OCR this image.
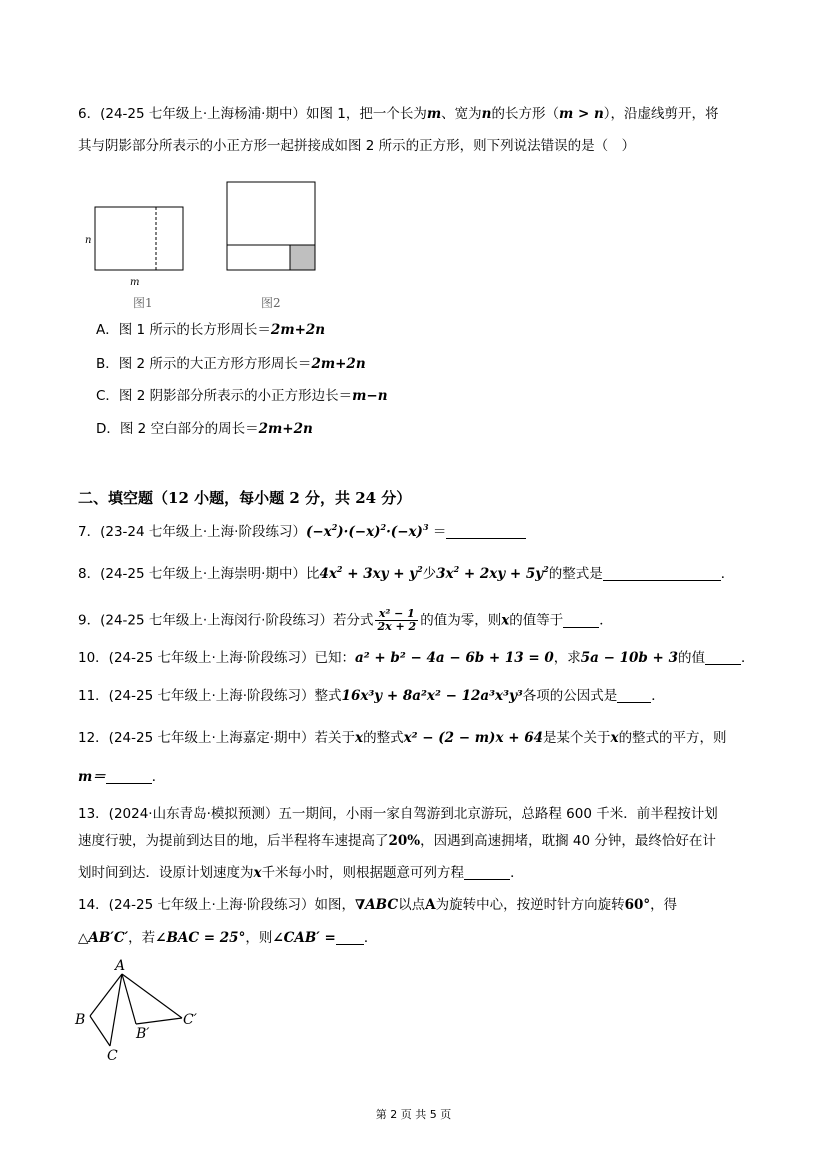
6．(24-25 七年级上·上海杨浦·期中）如图 1，把一个长为m、宽为n的长方形（m > n），沿虚线剪开，将
其与阴影部分所表示的小正方形一起拼接成如图 2 所示的正方形，则下列说法错误的是（　）
n
m
图1	图2
A．图 1 所示的长方形周长＝2m+2n
B．图 2 所示的大正方形方形周长＝2m+2n
C．图 2 阴影部分所表示的小正方形边长＝m−n
D．图 2 空白部分的周长＝2m+2n
二、填空题（12 小题，每小题 2 分，共 24 分）
7．(23-24 七年级上·上海·阶段练习）$(-x^2)\cdot(-x)^2\cdot(-x)^3$ ＝
8．(24-25 七年级上·上海崇明·期中）比$4x^2 + 3xy + y^2$少$3x^2 + 2xy + 5y^2$的整式是	．
9．(24-25 七年级上·上海闵行·阶段练习）若分式 $\frac{\text{x² − 1}}{2x + 2}$ 的值为零，则x的值等于	．
10．(24-25 七年级上·上海·阶段练习）已知：a² + b² − 4a − 6b + 13 = 0，求5a − 10b + 3的值	．
11．(24-25 七年级上·上海·阶段练习）整式16x³y + 8a²x² − 12a³x³y³各项的公因式是	．
12．(24-25 七年级上·上海嘉定·期中）若关于x的整式x² − (2 − m)x + 64是某个关于x的整式的平方，则
m＝	．
13．(2024·山东青岛·模拟预测）五一期间，小雨一家自驾游到北京游玩，总路程 600 千米．前半程按计划
速度行驶，为提前到达目的地，后半程将车速提高了20%，因遇到高速拥堵，耽搁 40 分钟，最终恰好在计
划时间到达．设原计划速度为x千米每小时，则根据题意可列方程	．
14．(24-25 七年级上·上海·阶段练习）如图，∇ABC以点A为旋转中心，按逆时针方向旋转60°，得
△AB′C′，若∠BAC = 25°，则∠CAB′ = ．
A
B
C
B′
C′
第 2 页 共 5 页
